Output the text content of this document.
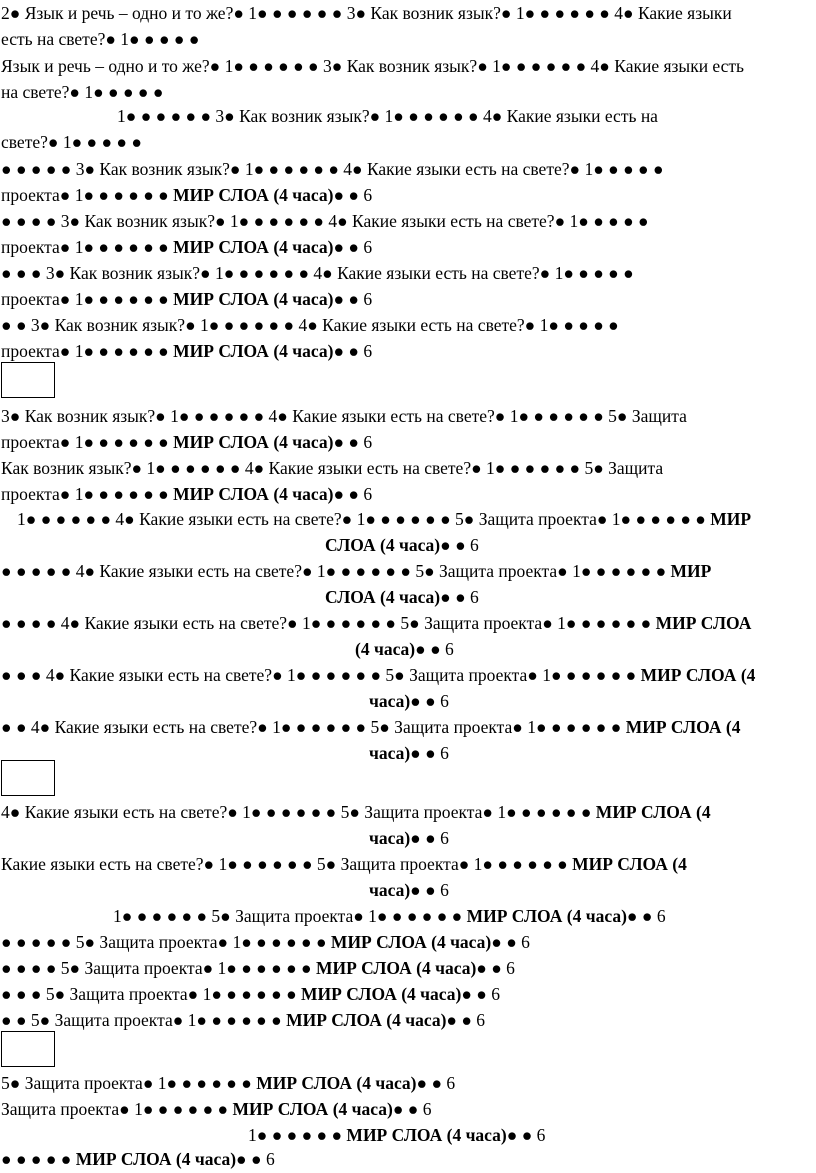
2● Язык и речь – одно и то же?● 1● ● ● ● ● ● 3● Как возник язык?● 1● ● ● ● ● ● 4● Какие языки
есть на свете?● 1● ● ● ● ●
Язык и речь – одно и то же?● 1● ● ● ● ● ● 3● Как возник язык?● 1● ● ● ● ● ● 4● Какие языки есть
на свете?● 1● ● ● ● ●
1● ● ● ● ● ● 3● Как возник язык?● 1● ● ● ● ● ● 4● Какие языки есть на
свете?● 1● ● ● ● ●
● ● ● ● ● 3● Как возник язык?● 1● ● ● ● ● ● 4● Какие языки есть на свете?● 1● ● ● ● ●
проекта● 1● ● ● ● ● ● МИР СЛОА (4 часа)● ● 6
● ● ● ● 3● Как возник язык?● 1● ● ● ● ● ● 4● Какие языки есть на свете?● 1● ● ● ● ●
проекта● 1● ● ● ● ● ● МИР СЛОА (4 часа)● ● 6
● ● ● 3● Как возник язык?● 1● ● ● ● ● ● 4● Какие языки есть на свете?● 1● ● ● ● ●
проекта● 1● ● ● ● ● ● МИР СЛОА (4 часа)● ● 6
● ● 3● Как возник язык?● 1● ● ● ● ● ● 4● Какие языки есть на свете?● 1● ● ● ● ●
проекта● 1● ● ● ● ● ● МИР СЛОА (4 часа)● ● 6
3● Как возник язык?● 1● ● ● ● ● ● 4● Какие языки есть на свете?● 1● ● ● ● ● ● 5● Защита
проекта● 1● ● ● ● ● ● МИР СЛОА (4 часа)● ● 6
Как возник язык?● 1● ● ● ● ● ● 4● Какие языки есть на свете?● 1● ● ● ● ● ● 5● Защита
проекта● 1● ● ● ● ● ● МИР СЛОА (4 часа)● ● 6
1● ● ● ● ● ● 4● Какие языки есть на свете?● 1● ● ● ● ● ● 5● Защита проекта● 1● ● ● ● ● ● МИР
СЛОА (4 часа)● ● 6
● ● ● ● ● 4● Какие языки есть на свете?● 1● ● ● ● ● ● 5● Защита проекта● 1● ● ● ● ● ● МИР
СЛОА (4 часа)● ● 6
● ● ● ● 4● Какие языки есть на свете?● 1● ● ● ● ● ● 5● Защита проекта● 1● ● ● ● ● ● МИР СЛОА
(4 часа)● ● 6
● ● ● 4● Какие языки есть на свете?● 1● ● ● ● ● ● 5● Защита проекта● 1● ● ● ● ● ● МИР СЛОА (4
часа)● ● 6
● ● 4● Какие языки есть на свете?● 1● ● ● ● ● ● 5● Защита проекта● 1● ● ● ● ● ● МИР СЛОА (4
часа)● ● 6
4● Какие языки есть на свете?● 1● ● ● ● ● ● 5● Защита проекта● 1● ● ● ● ● ● МИР СЛОА (4
часа)● ● 6
Какие языки есть на свете?● 1● ● ● ● ● ● 5● Защита проекта● 1● ● ● ● ● ● МИР СЛОА (4
часа)● ● 6
1● ● ● ● ● ● 5● Защита проекта● 1● ● ● ● ● ● МИР СЛОА (4 часа)● ● 6
● ● ● ● ● 5● Защита проекта● 1● ● ● ● ● ● МИР СЛОА (4 часа)● ● 6
● ● ● ● 5● Защита проекта● 1● ● ● ● ● ● МИР СЛОА (4 часа)● ● 6
● ● ● 5● Защита проекта● 1● ● ● ● ● ● МИР СЛОА (4 часа)● ● 6
● ● 5● Защита проекта● 1● ● ● ● ● ● МИР СЛОА (4 часа)● ● 6
5● Защита проекта● 1● ● ● ● ● ● МИР СЛОА (4 часа)● ● 6
Защита проекта● 1● ● ● ● ● ● МИР СЛОА (4 часа)● ● 6
1● ● ● ● ● ● МИР СЛОА (4 часа)● ● 6
● ● ● ● ● МИР СЛОА (4 часа)● ● 6
